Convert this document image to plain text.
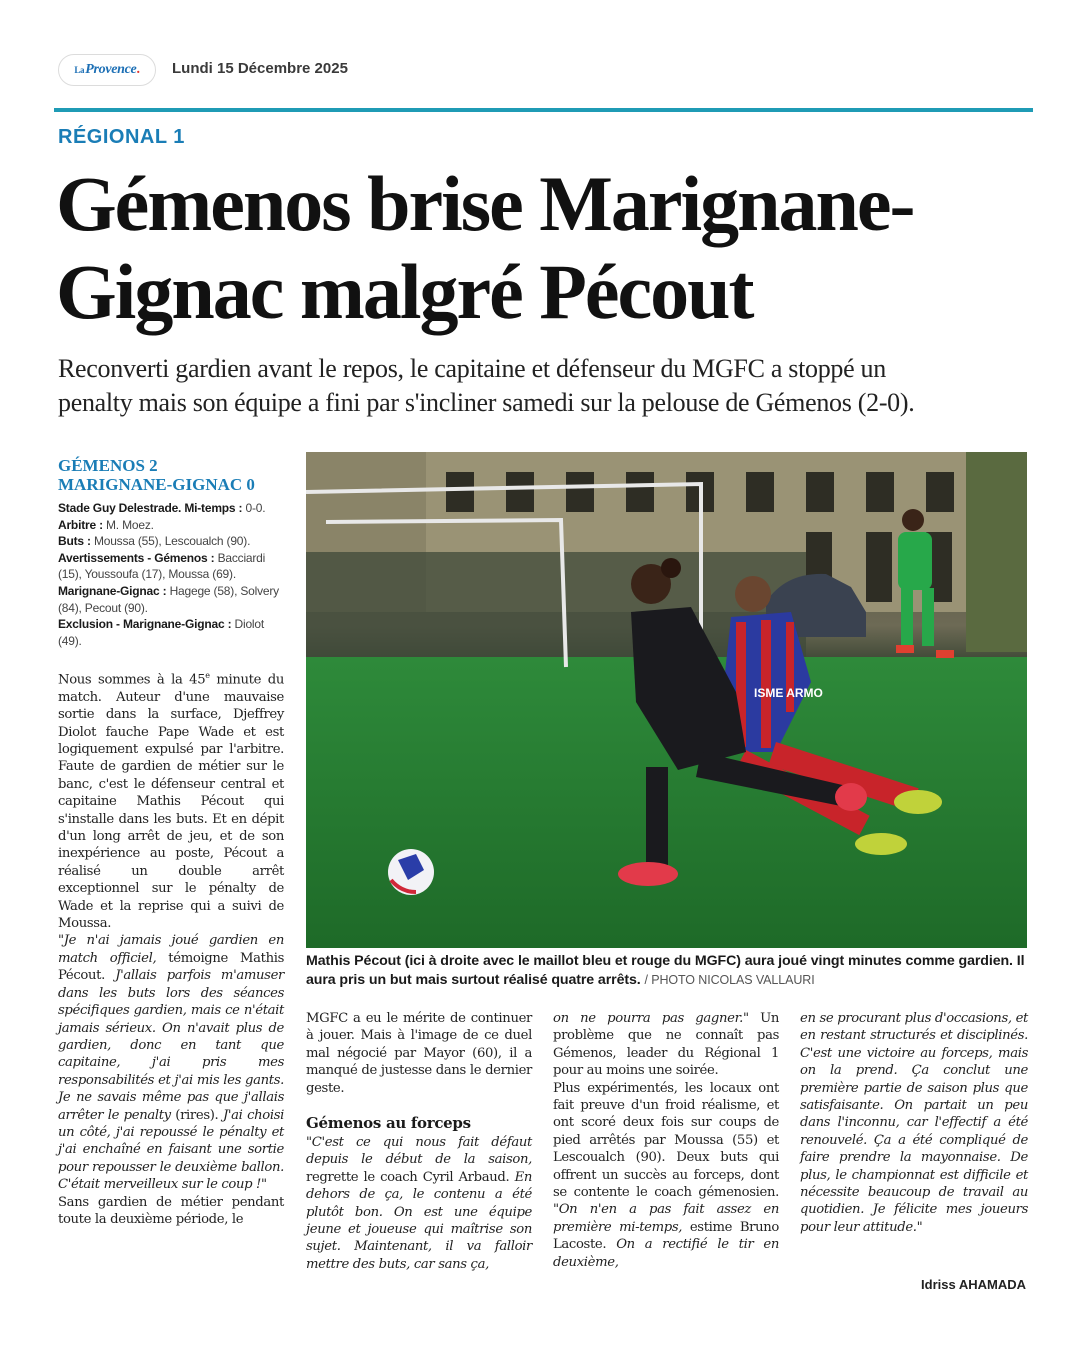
La Provence . Lundi 15 Décembre 2025
RÉGIONAL 1
Gémenos brise Marignane-
Gignac malgré Pécout
Reconverti gardien avant le repos, le capitaine et défenseur du MGFC a stoppé un
penalty mais son équipe a fini par s'incliner samedi sur la pelouse de Gémenos (2-0).
GÉMENOS 2
MARIGNANE-GIGNAC 0
Stade Guy Delestrade. Mi-temps : 0-0.
Arbitre : M. Moez.
Buts : Moussa (55), Lescoualch (90).
Avertissements - Gémenos : Bacciardi (15), Youssoufa (17), Moussa (69).
Marignane-Gignac : Hagege (58), Solvery (84), Pecout (90).
Exclusion - Marignane-Gignac : Diolot (49).

Nous sommes à la 45e minute du match. Auteur d'une mauvaise sortie dans la surface, Djeffrey Diolot fauche Pape Wade et est logiquement expulsé par l'arbitre. Faute de gardien de métier sur le banc, c'est le défenseur central et capitaine Mathis Pécout qui s'installe dans les buts. Et en dépit d'un long arrêt de jeu, et de son inexpérience au poste, Pécout a réalisé un double arrêt exceptionnel sur le pénalty de Wade et la reprise qui a suivi de Moussa.

"Je n'ai jamais joué gardien en match officiel, témoigne Mathis Pécout. J'allais parfois m'amuser dans les buts lors des séances spécifiques gardien, mais ce n'était jamais sérieux. On n'avait plus de gardien, donc en tant que capitaine, j'ai pris mes responsabilités et j'ai mis les gants. Je ne savais même pas que j'allais arrêter le penalty (rires). J'ai choisi un côté, j'ai repoussé le pénalty et j'ai enchaîné en faisant une sortie pour repousser le deuxième ballon. C'était merveilleux sur le coup !"

Sans gardien de métier pendant toute la deuxième période, le

ISME ARMO
Mathis Pécout (ici à droite avec le maillot bleu et rouge du MGFC) aura joué vingt minutes comme gardien. Il aura pris un but mais surtout réalisé quatre arrêts. / PHOTO NICOLAS VALLAURI

MGFC a eu le mérite de continuer à jouer. Mais à l'image de ce duel mal négocié par Mayor (60), il a manqué de justesse dans le dernier geste.

Gémenos au forceps

"C'est ce qui nous fait défaut depuis le début de la saison, regrette le coach Cyril Arbaud. En dehors de ça, le contenu a été plutôt bon. On est une équipe jeune et joueuse qui maîtrise son sujet. Maintenant, il va falloir mettre des buts, car sans ça,

on ne pourra pas gagner." Un problème que ne connaît pas Gémenos, leader du Régional 1 pour au moins une soirée.

Plus expérimentés, les locaux ont fait preuve d'un froid réalisme, et ont scoré deux fois sur coups de pied arrêtés par Moussa (55) et Lescoualch (90). Deux buts qui offrent un succès au forceps, dont se contente le coach gémenosien. "On n'en a pas fait assez en première mi-temps, estime Bruno Lacoste. On a rectifié le tir en deuxième,

en se procurant plus d'occasions, et en restant structurés et disciplinés. C'est une victoire au forceps, mais on la prend. Ça conclut une première partie de saison plus que satisfaisante. On partait un peu dans l'inconnu, car l'effectif a été renouvelé. Ça a été compliqué de faire prendre la mayonnaise. De plus, le championnat est difficile et nécessite beaucoup de travail au quotidien. Je félicite mes joueurs pour leur attitude."

Idriss AHAMADA
